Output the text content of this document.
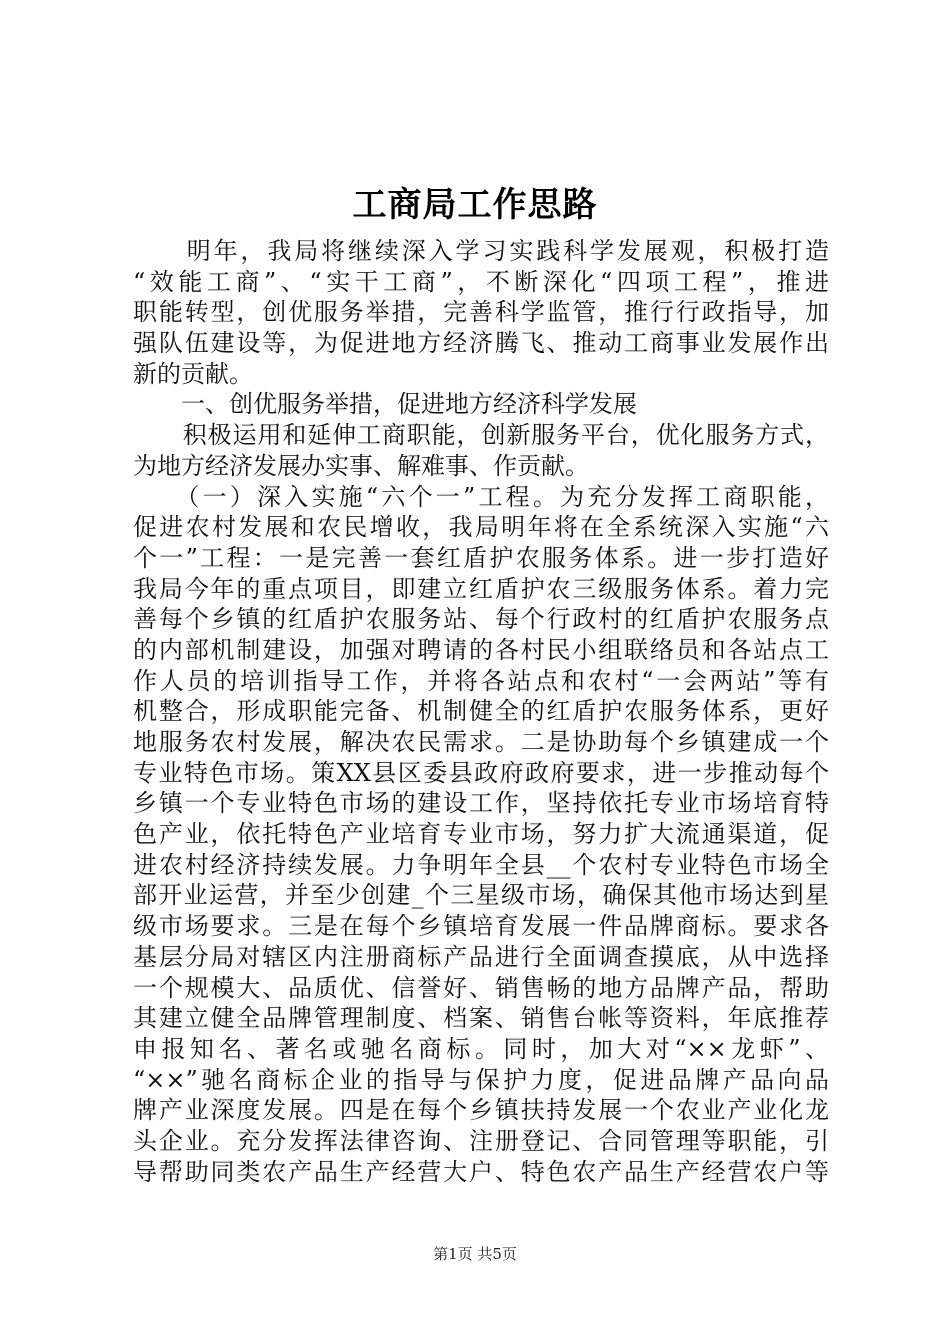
工商局工作思路
　　明年，我局将继续深入学习实践科学发展观，积极打造
“效能工商”、“实干工商”，不断深化“四项工程”，推进
职能转型，创优服务举措，完善科学监管，推行行政指导，加
强队伍建设等，为促进地方经济腾飞、推动工商事业发展作出
新的贡献。
　　一、创优服务举措，促进地方经济科学发展
　　积极运用和延伸工商职能，创新服务平台，优化服务方式，
为地方经济发展办实事、解难事、作贡献。
　　（一）深入实施“六个一”工程。为充分发挥工商职能，
促进农村发展和农民增收，我局明年将在全系统深入实施“六
个一”工程：一是完善一套红盾护农服务体系。进一步打造好
我局今年的重点项目，即建立红盾护农三级服务体系。着力完
善每个乡镇的红盾护农服务站、每个行政村的红盾护农服务点
的内部机制建设，加强对聘请的各村民小组联络员和各站点工
作人员的培训指导工作，并将各站点和农村“一会两站”等有
机整合，形成职能完备、机制健全的红盾护农服务体系，更好
地服务农村发展，解决农民需求。二是协助每个乡镇建成一个
专业特色市场。策XX县区委县政府政府要求，进一步推动每个
乡镇一个专业特色市场的建设工作，坚持依托专业市场培育特
色产业，依托特色产业培育专业市场，努力扩大流通渠道，促
进农村经济持续发展。力争明年全县__个农村专业特色市场全
部开业运营，并至少创建_个三星级市场，确保其他市场达到星
级市场要求。三是在每个乡镇培育发展一件品牌商标。要求各
基层分局对辖区内注册商标产品进行全面调查摸底，从中选择
一个规模大、品质优、信誉好、销售畅的地方品牌产品，帮助
其建立健全品牌管理制度、档案、销售台帐等资料，年底推荐
申报知名、著名或驰名商标。同时，加大对“××龙虾”、
“××”驰名商标企业的指导与保护力度，促进品牌产品向品
牌产业深度发展。四是在每个乡镇扶持发展一个农业产业化龙
头企业。充分发挥法律咨询、注册登记、合同管理等职能，引
导帮助同类农产品生产经营大户、特色农产品生产经营农户等
第1页 共5页
